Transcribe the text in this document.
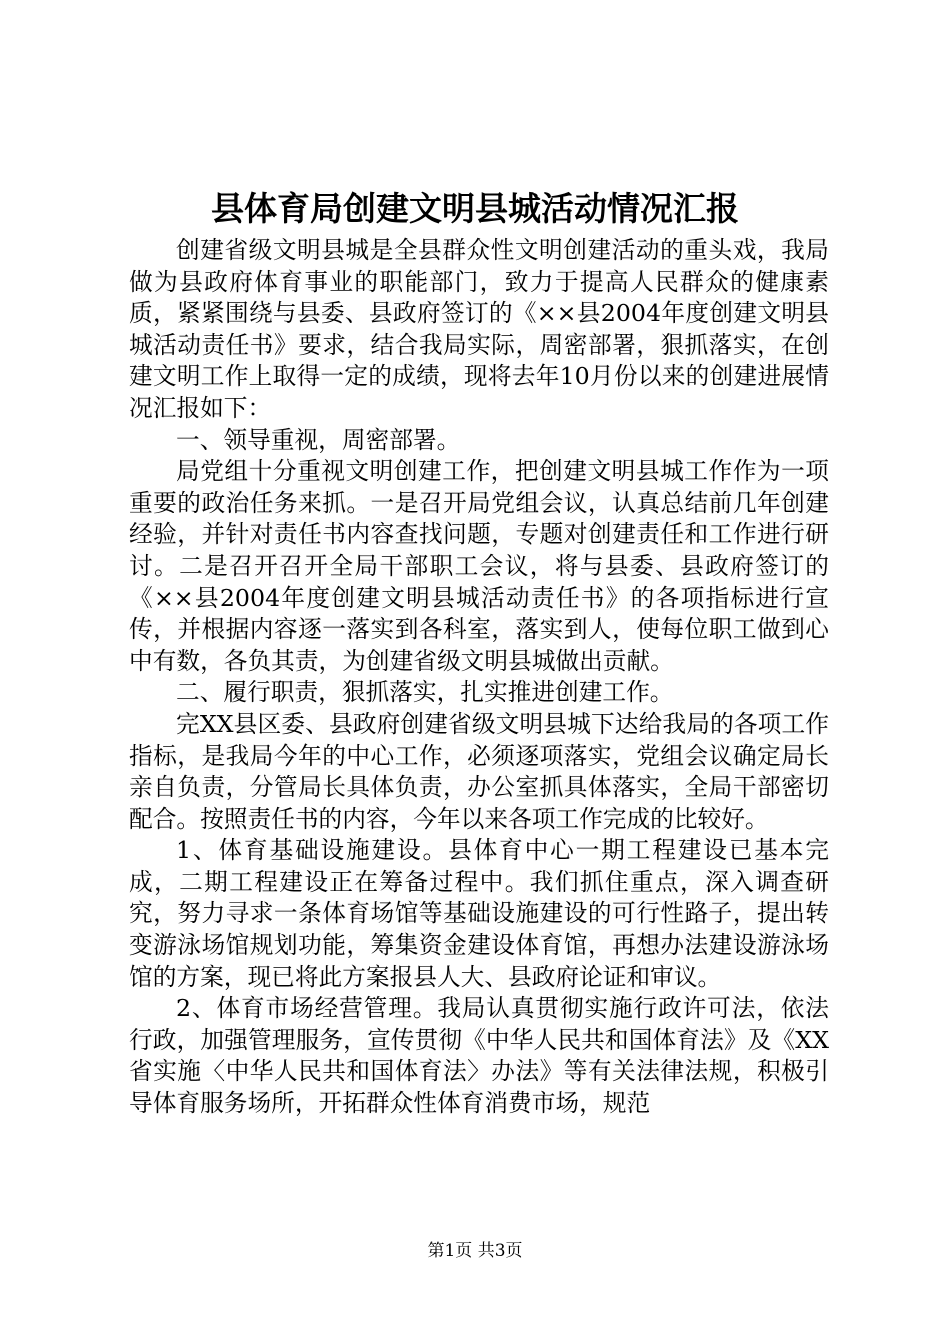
县体育局创建文明县城活动情况汇报

创建省级文明县城是全县群众性文明创建活动的重头戏，我局做为县政府体育事业的职能部门，致力于提高人民群众的健康素质，紧紧围绕与县委、县政府签订的《××县2004年度创建文明县城活动责任书》要求，结合我局实际，周密部署，狠抓落实，在创建文明工作上取得一定的成绩，现将去年10月份以来的创建进展情况汇报如下：

一、领导重视，周密部署。

局党组十分重视文明创建工作，把创建文明县城工作作为一项重要的政治任务来抓。一是召开局党组会议，认真总结前几年创建经验，并针对责任书内容查找问题，专题对创建责任和工作进行研讨。二是召开召开全局干部职工会议，将与县委、县政府签订的《××县2004年度创建文明县城活动责任书》的各项指标进行宣传，并根据内容逐一落实到各科室，落实到人，使每位职工做到心中有数，各负其责，为创建省级文明县城做出贡献。

二、履行职责，狠抓落实，扎实推进创建工作。

完XX县区委、县政府创建省级文明县城下达给我局的各项工作指标，是我局今年的中心工作，必须逐项落实，党组会议确定局长亲自负责，分管局长具体负责，办公室抓具体落实，全局干部密切配合。按照责任书的内容，今年以来各项工作完成的比较好。

1、体育基础设施建设。县体育中心一期工程建设已基本完成，二期工程建设正在筹备过程中。我们抓住重点，深入调查研究，努力寻求一条体育场馆等基础设施建设的可行性路子，提出转变游泳场馆规划功能，筹集资金建设体育馆，再想办法建设游泳场馆的方案，现已将此方案报县人大、县政府论证和审议。

2、体育市场经营管理。我局认真贯彻实施行政许可法，依法行政，加强管理服务，宣传贯彻《中华人民共和国体育法》及《XX省实施〈中华人民共和国体育法〉办法》等有关法律法规，积极引导体育服务场所，开拓群众性体育消费市场，规范

第1页 共3页
